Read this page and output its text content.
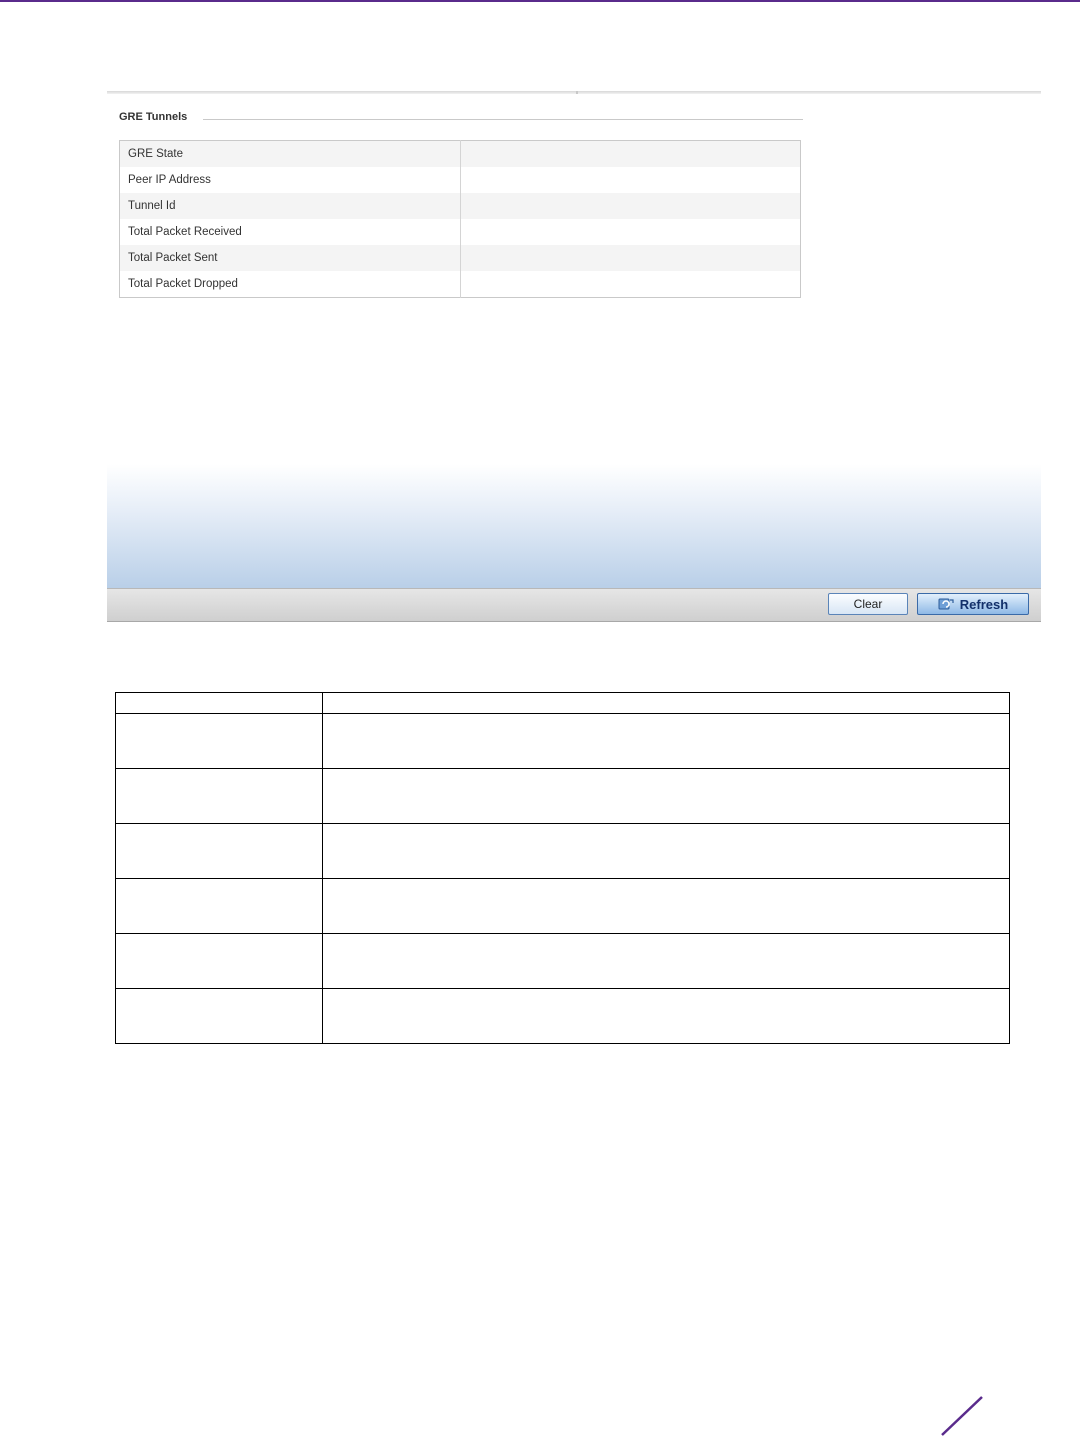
GRE Tunnels
GRE State	
Peer IP Address	
Tunnel Id	
Total Packet Received	
Total Packet Sent	
Total Packet Dropped	
Clear	Refresh
